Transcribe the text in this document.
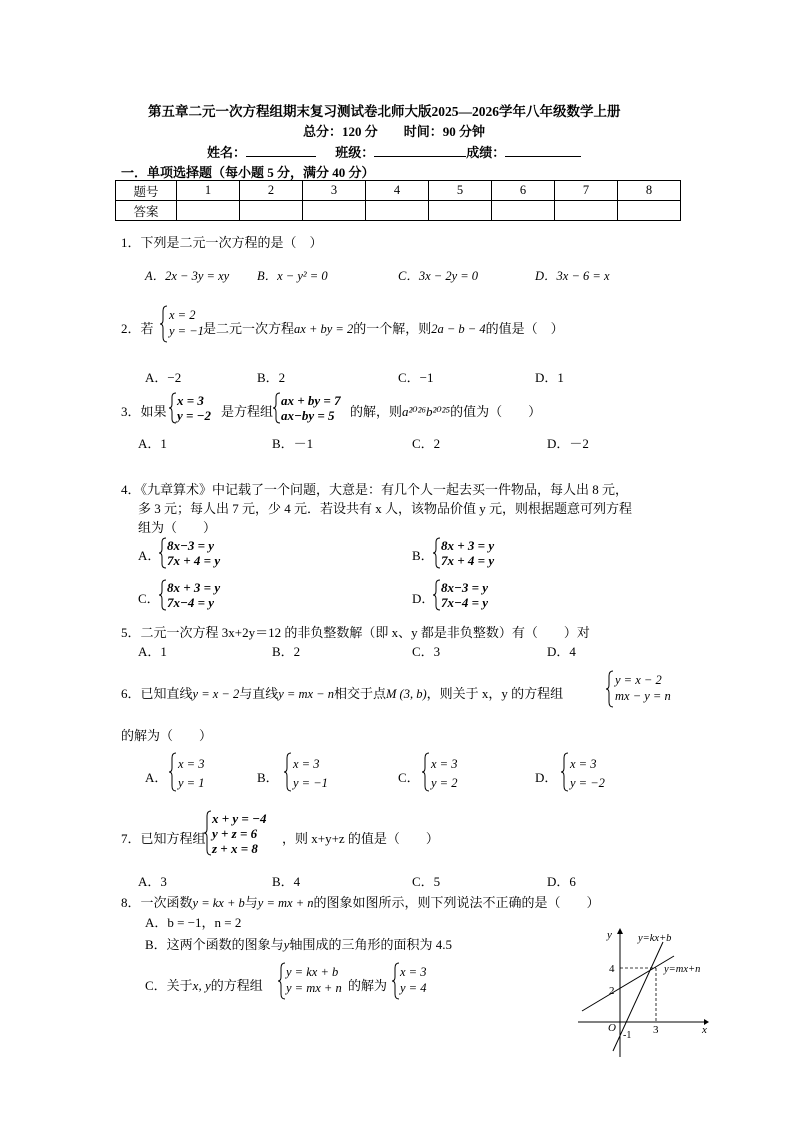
第五章二元一次方程组期末复习测试卷北师大版2025—2026学年八年级数学上册
总分：120 分　　时间：90 分钟
姓名：	班级：	成绩：
一．单项选择题（每小题 5 分，满分 40 分）
题号	1	2	3	4	5	6	7	8
答案								
1．下列是二元一次方程的是（　）
A．2x − 3y = xy B．x − y² = 0	C．3x − 2y = 0	D．3x − 6 = x
2．若
x = 2
y = −1 是二元一次方程ax + by = 2的一个解，则2a − b − 4的值是（　）
A．−2	B．2	C．−1	D．1
3．如果
x = 3
y = −2 是方程组
ax + by = 7
ax−by = 5	的解，则a²⁰²⁶b²⁰²⁵的值为（　　）
A．1	B．－1	C．2	D．－2
4．《九章算术》中记载了一个问题，大意是：有几个人一起去买一件物品，每人出 8 元，
多 3 元；每人出 7 元，少 4 元．若设共有 x 人，该物品价值 y 元，则根据题意可列方程
组为（　　）
A．
8x−3 = y
7x + 4 = y	B．
8x + 3 = y
7x + 4 = y
C．
8x + 3 = y
7x−4 = y	D．
8x−3 = y
7x−4 = y
5．二元一次方程 3x+2y＝12 的非负整数解（即 x、y 都是非负整数）有（　　）对
A．1	B．2	C．3	D．4
6．已知直线y = x − 2与直线y = mx − n相交于点M (3, b)，则关于 x，y 的方程组
y = x − 2
mx − y = n
的解为（　　）
A．
x = 3
y = 1	B．
x = 3
y = −1	C．
x = 3
y = 2	D．
x = 3
y = −2
7．已知方程组
x + y = −4
y + z = 6
z + x = 8
，则 x+y+z 的值是（　　）
A．3	B．4	C．5	D．6
8．一次函数y = kx + b与y = mx + n的图象如图所示，则下列说法不正确的是（　　）
A．b = −1，n = 2
B．这两个函数的图象与y轴围成的三角形的面积为 4.5
C．关于x, y的方程组
y = kx + b
y = mx + n 的解为
x = 3
y = 4
y
x
O
y=kx+b
y=mx+n
4
2
3
-1
